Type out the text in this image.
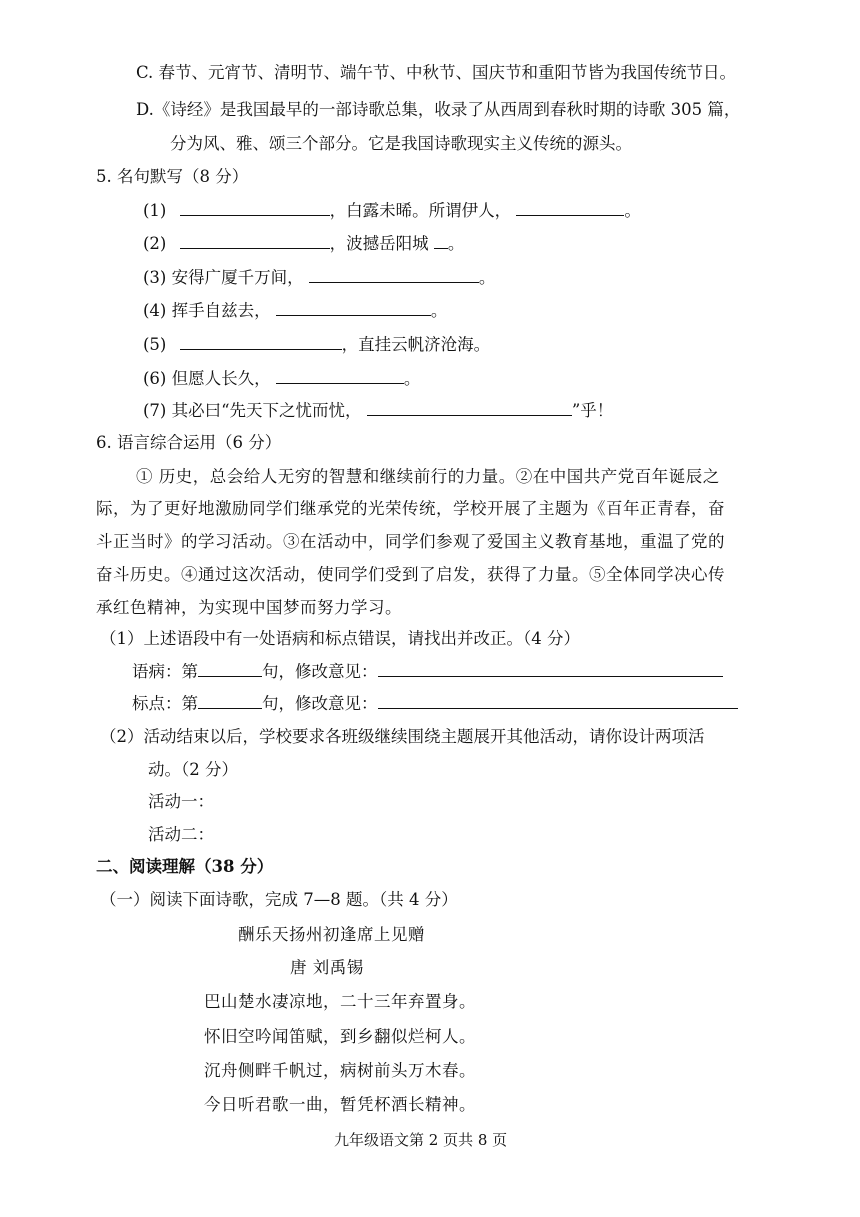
C. 春节、元宵节、清明节、端午节、中秋节、国庆节和重阳节皆为我国传统节日。
D.《诗经》是我国最早的一部诗歌总集，收录了从西周到春秋时期的诗歌 305 篇，
分为风、雅、颂三个部分。它是我国诗歌现实主义传统的源头。
5. 名句默写（8 分）
(1)	，白露未晞。所谓伊人，	。
(2)	，波撼岳阳城 。
(3) 安得广厦千万间，	。
(4) 挥手自兹去，	。
(5)	，直挂云帆济沧海。
(6) 但愿人长久，	。
(7) 其必曰“先天下之忧而忧，	”乎！
6. 语言综合运用（6 分）
① 历史，总会给人无穷的智慧和继续前行的力量。②在中国共产党百年诞辰之
际，为了更好地激励同学们继承党的光荣传统，学校开展了主题为《百年正青春，奋
斗正当时》的学习活动。③在活动中，同学们参观了爱国主义教育基地，重温了党的
奋斗历史。④通过这次活动，使同学们受到了启发，获得了力量。⑤全体同学决心传
承红色精神，为实现中国梦而努力学习。
（1）上述语段中有一处语病和标点错误，请找出并改正。（4 分）
语病：第	句，修改意见：
标点：第	句，修改意见：
（2）活动结束以后，学校要求各班级继续围绕主题展开其他活动，请你设计两项活
动。（2 分）
活动一：
活动二：
二、阅读理解（38 分）
（一）阅读下面诗歌，完成 7—8 题。（共 4 分）
酬乐天扬州初逢席上见赠
唐 刘禹锡
巴山楚水凄凉地，二十三年弃置身。
怀旧空吟闻笛赋，到乡翻似烂柯人。
沉舟侧畔千帆过，病树前头万木春。
今日听君歌一曲，暂凭杯酒长精神。
九年级语文第 2 页共 8 页
